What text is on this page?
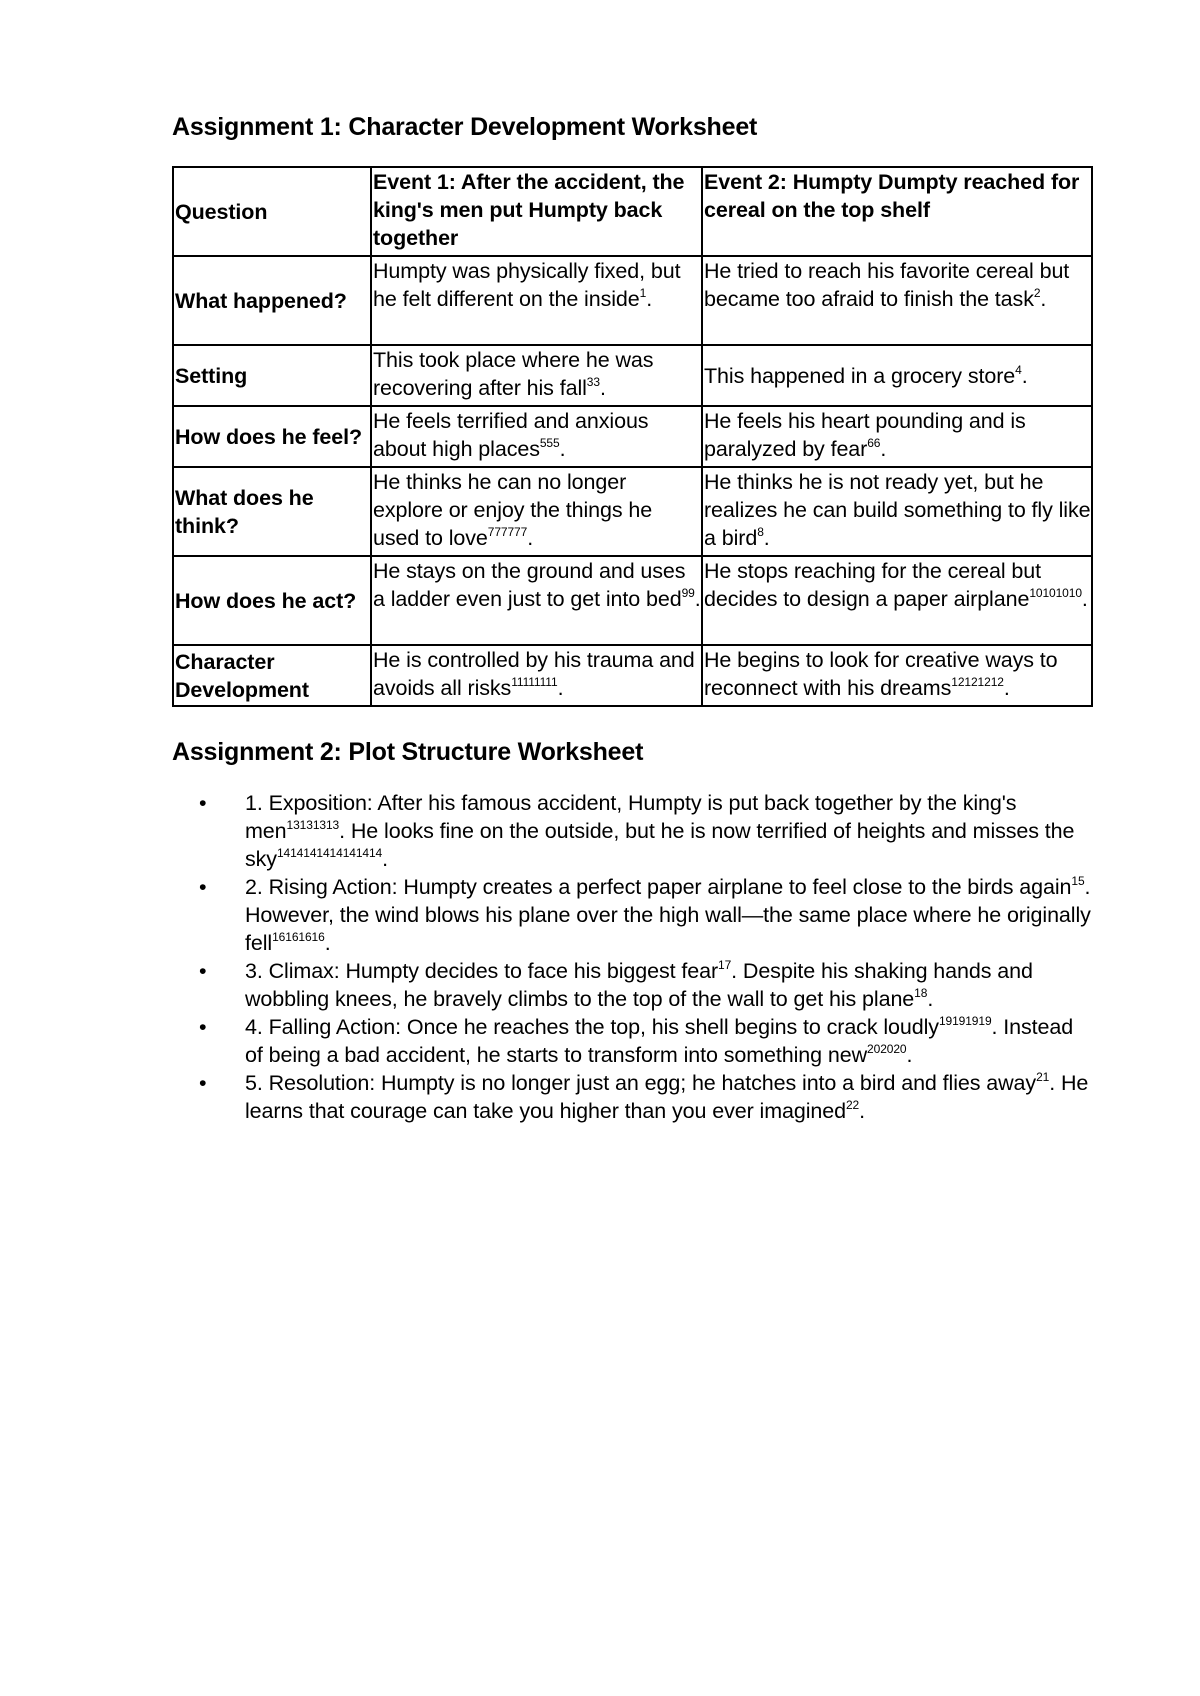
Assignment 1: Character Development Worksheet
Question	Event 1: After the accident, the king's men put Humpty back together	Event 2: Humpty Dumpty reached for cereal on the top shelf
What happened?	Humpty was physically fixed, but he felt different on the inside$^1$.	He tried to reach his favorite cereal but became too afraid to finish the task$^2$.
Setting	This took place where he was recovering after his fall$^{33}$.	This happened in a grocery store$^4$.
How does he feel?	He feels terrified and anxious about high places$^{555}$.	He feels his heart pounding and is paralyzed by fear$^{66}$.
What does he think?	He thinks he can no longer explore or enjoy the things he used to love$^{777777}$.	He thinks he is not ready yet, but he realizes he can build something to fly like a bird$^8$.
How does he act?	He stays on the ground and uses a ladder even just to get into bed$^{99}$.	He stops reaching for the cereal but decides to design a paper airplane$^{10101010}$.
Character Development	He is controlled by his trauma and avoids all risks$^{11111111}$.	He begins to look for creative ways to reconnect with his dreams$^{12121212}$.
Assignment 2: Plot Structure Worksheet
• 1. Exposition: After his famous accident, Humpty is put back together by the king's men$^{13131313}$. He looks fine on the outside, but he is now terrified of heights and misses the sky$^{1414141414141414}$.
• 2. Rising Action: Humpty creates a perfect paper airplane to feel close to the birds again$^{15}$. However, the wind blows his plane over the high wall—the same place where he originally fell$^{16161616}$.
• 3. Climax: Humpty decides to face his biggest fear$^{17}$. Despite his shaking hands and wobbling knees, he bravely climbs to the top of the wall to get his plane$^{18}$.
• 4. Falling Action: Once he reaches the top, his shell begins to crack loudly$^{19191919}$. Instead of being a bad accident, he starts to transform into something new$^{202020}$.
• 5. Resolution: Humpty is no longer just an egg; he hatches into a bird and flies away$^{21}$. He learns that courage can take you higher than you ever imagined$^{22}$.
